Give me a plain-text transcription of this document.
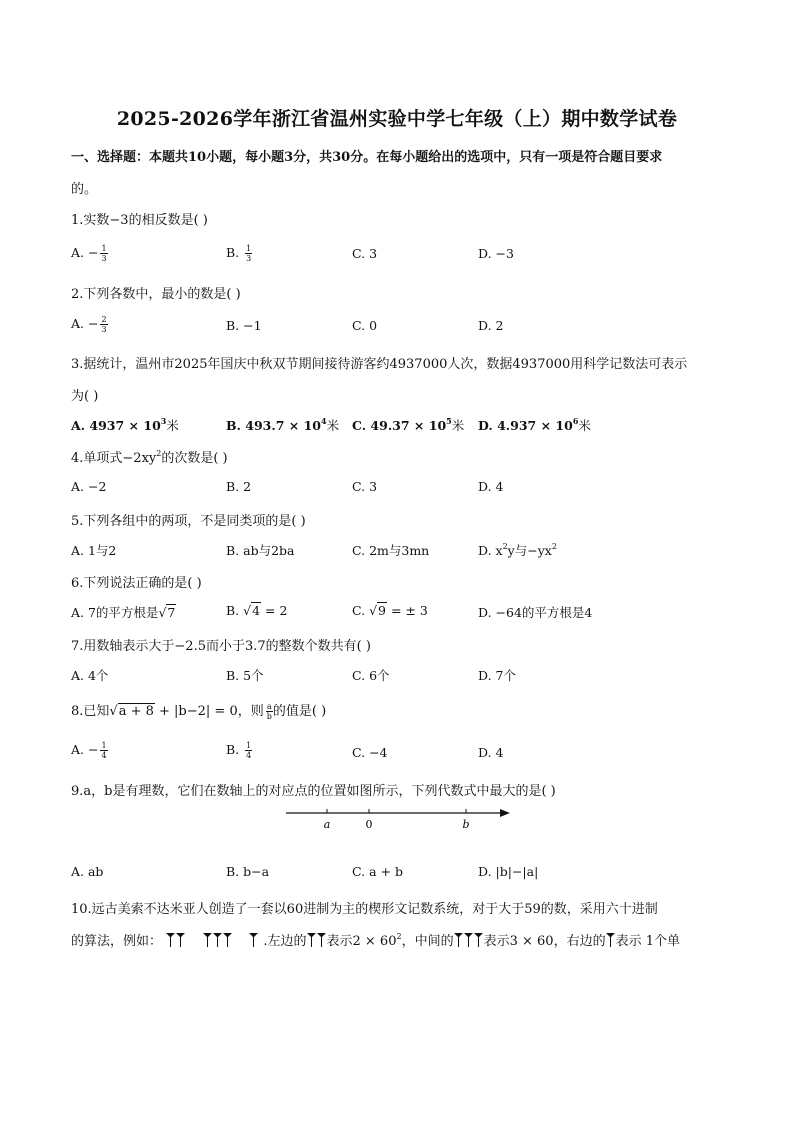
2025-2026学年浙江省温州实验中学七年级（上）期中数学试卷
一、选择题：本题共10小题，每小题3分，共30分。在每小题给出的选项中，只有一项是符合题目要求
的。
1.实数−3的相反数是( )
A. − $\frac{1}{3}$	B. $\frac{1}{3}$	C. 3	D. −3
2.下列各数中，最小的数是( )
A. − $\frac{2}{3}$	B. −1	C. 0	D. 2
3.据统计，温州市2025年国庆中秋双节期间接待游客约4937000人次，数据4937000用科学记数法可表示
为( )
A. $4937 \times 10^3$米	B. $493.7 \times 10^4$米 C. $49.37 \times 10^5$米 D. $4.937 \times 10^6$米
4.单项式$-2xy^2$的次数是( )
A. −2	B. 2	C. 3	D. 4
5.下列各组中的两项，不是同类项的是( )
A. 1与2	B. ab与2ba	C. 2m与3mn	D. $x^2y$与$-yx^2$
6.下列说法正确的是( )
A. 7的平方根是√7	B. √4 = 2	C. √9 = ± 3	D. −64的平方根是4
7.用数轴表示大于−2.5而小于3.7的整数个数共有( )
A. 4个	B. 5个	C. 6个	D. 7个
8.已知√a + 8 + |b−2| = 0，则 $\frac{a}{b}$ 的值是( )
A. − $\frac{1}{4}$	B. $\frac{1}{4}$	C. −4	D. 4
9.a，b是有理数，它们在数轴上的对应点的位置如图所示，下列代数式中最大的是( )
a	0	b
A. ab	B. b−a	C. a + b	D. |b|−|a|
10.远古美索不达米亚人创造了一套以60进制为主的楔形文记数系统，对于大于59的数，采用六十进制
的算法，例如：	.左边的 表示$2 \times 60^2$，中间的 表示3 × 60，右边的 表示 1个单
